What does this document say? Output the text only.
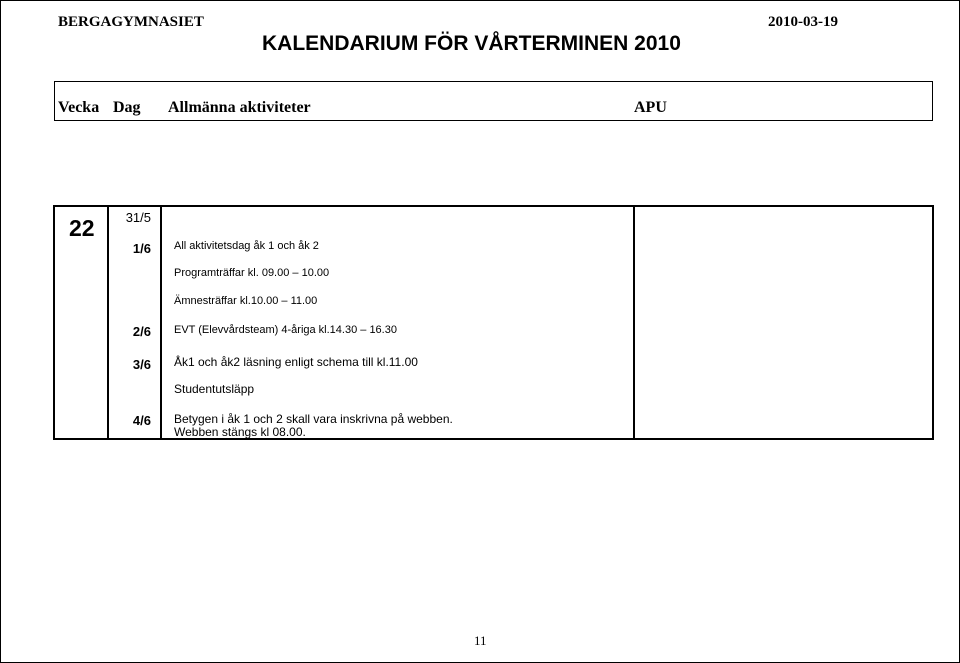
BERGAGYMNASIET	2010-03-19
KALENDARIUM FÖR VÅRTERMINEN 2010
Vecka	Dag	Allmänna aktiviteter	APU
22	31/5
1/6 All aktivitetsdag åk 1 och åk 2
Programträffar kl. 09.00 – 10.00
Ämnesträffar kl.10.00 – 11.00
2/6 EVT (Elevvårdsteam) 4-åriga kl.14.30 – 16.30
3/6 Åk1 och åk2 läsning enligt schema till kl.11.00
Studentutsläpp
4/6 Betygen i åk 1 och 2 skall vara inskrivna på webben.
Webben stängs kl 08.00.
11
